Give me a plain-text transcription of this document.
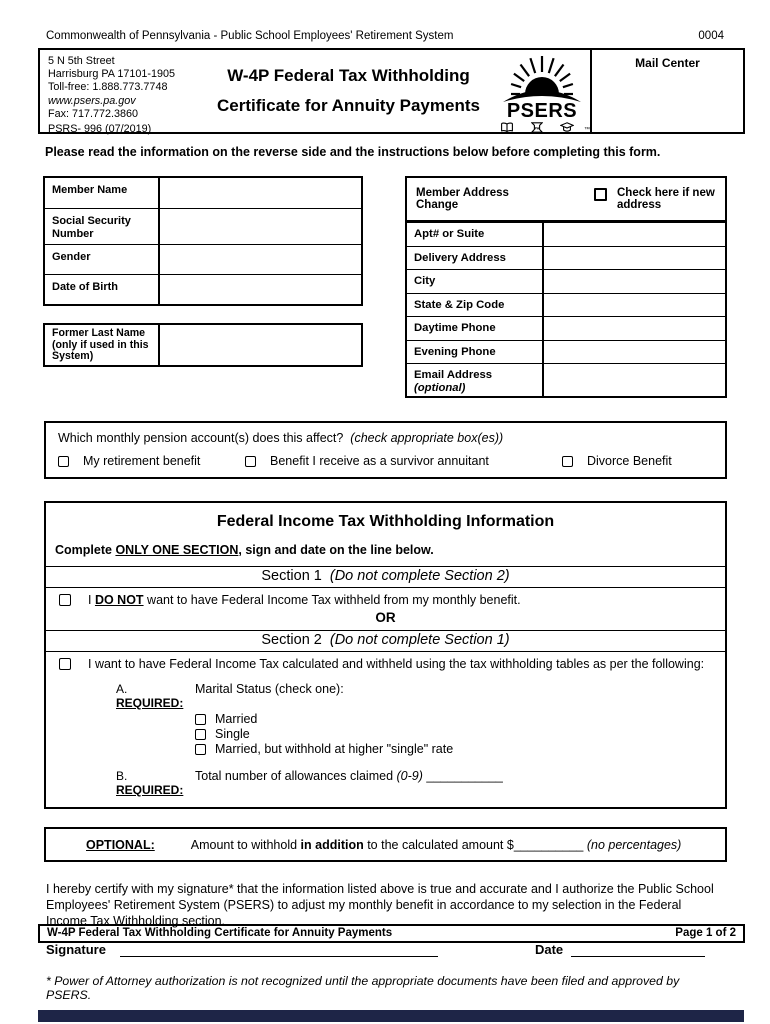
Commonwealth of Pennsylvania - Public School Employees' Retirement System	0004
5 N 5th Street
Harrisburg PA 17101-1905
Toll-free: 1.888.773.7748
www.psers.pa.gov
Fax: 717.772.3860
PSRS- 996 (07/2019)
W-4P Federal Tax Withholding
Certificate for Annuity Payments	PSERS
PA	™
Mail Center
Please read the information on the reverse side and the instructions below before completing this form.
Member Name
Social Security Number
Gender
Date of Birth
Former Last Name (only if used in this System)
Member Address Change
Check here if new address
Apt# or Suite
Delivery Address
City
State & Zip Code
Daytime Phone
Evening Phone
Email Address (optional)
Which monthly pension account(s) does this affect? (check appropriate box(es))
My retirement benefit	Benefit I receive as a survivor annuitant	Divorce Benefit
Federal Income Tax Withholding Information
Complete ONLY ONE SECTION, sign and date on the line below.
Section 1 (Do not complete Section 2)
I DO NOT want to have Federal Income Tax withheld from my monthly benefit.
OR
Section 2 (Do not complete Section 1)
I want to have Federal Income Tax calculated and withheld using the tax withholding tables as per the following:
A. REQUIRED:
Marital Status (check one):
Married
Single
Married, but withhold at higher "single" rate
B. REQUIRED:
Total number of allowances claimed (0-9) ___________
OPTIONAL:	Amount to withhold in addition to the calculated amount $__________ (no percentages)

I hereby certify with my signature* that the information listed above is true and accurate and I authorize the Public School Employees' Retirement System (PSERS) to adjust my monthly benefit in accordance to my selection in the Federal Income Tax Withholding section.

Signature	Date
* Power of Attorney authorization is not recognized until the appropriate documents have been filed and approved by PSERS.
W-4P Federal Tax Withholding Certificate for Annuity Payments	Page 1 of 2
